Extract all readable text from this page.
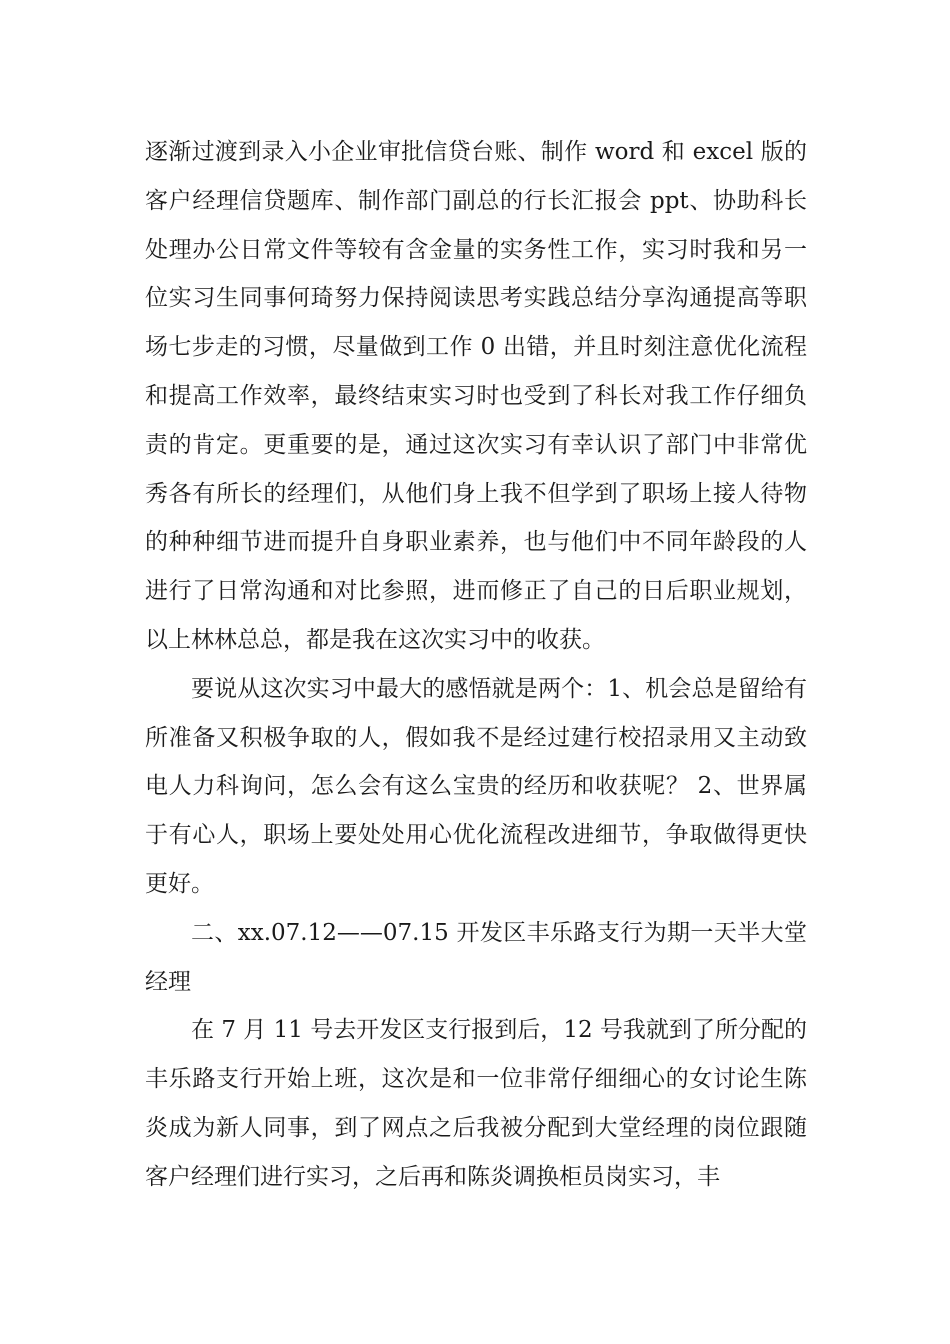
逐渐过渡到录入小企业审批信贷台账、制作 word 和 excel 版的客户经理信贷题库、制作部门副总的行长汇报会 ppt、协助科长处理办公日常文件等较有含金量的实务性工作，实习时我和另一位实习生同事何琦努力保持阅读思考实践总结分享沟通提高等职场七步走的习惯，尽量做到工作 0 出错，并且时刻注意优化流程和提高工作效率，最终结束实习时也受到了科长对我工作仔细负责的肯定。更重要的是，通过这次实习有幸认识了部门中非常优秀各有所长的经理们，从他们身上我不但学到了职场上接人待物的种种细节进而提升自身职业素养，也与他们中不同年龄段的人进行了日常沟通和对比参照，进而修正了自己的日后职业规划，以上林林总总，都是我在这次实习中的收获。

要说从这次实习中最大的感悟就是两个：1、机会总是留给有所准备又积极争取的人，假如我不是经过建行校招录用又主动致电人力科询问，怎么会有这么宝贵的经历和收获呢？ 2、世界属于有心人，职场上要处处用心优化流程改进细节，争取做得更快更好。

二、xx.07.12——07.15 开发区丰乐路支行为期一天半大堂经理

在 7 月 11 号去开发区支行报到后，12 号我就到了所分配的丰乐路支行开始上班，这次是和一位非常仔细细心的女讨论生陈炎成为新人同事，到了网点之后我被分配到大堂经理的岗位跟随客户经理们进行实习，之后再和陈炎调换柜员岗实习，丰
